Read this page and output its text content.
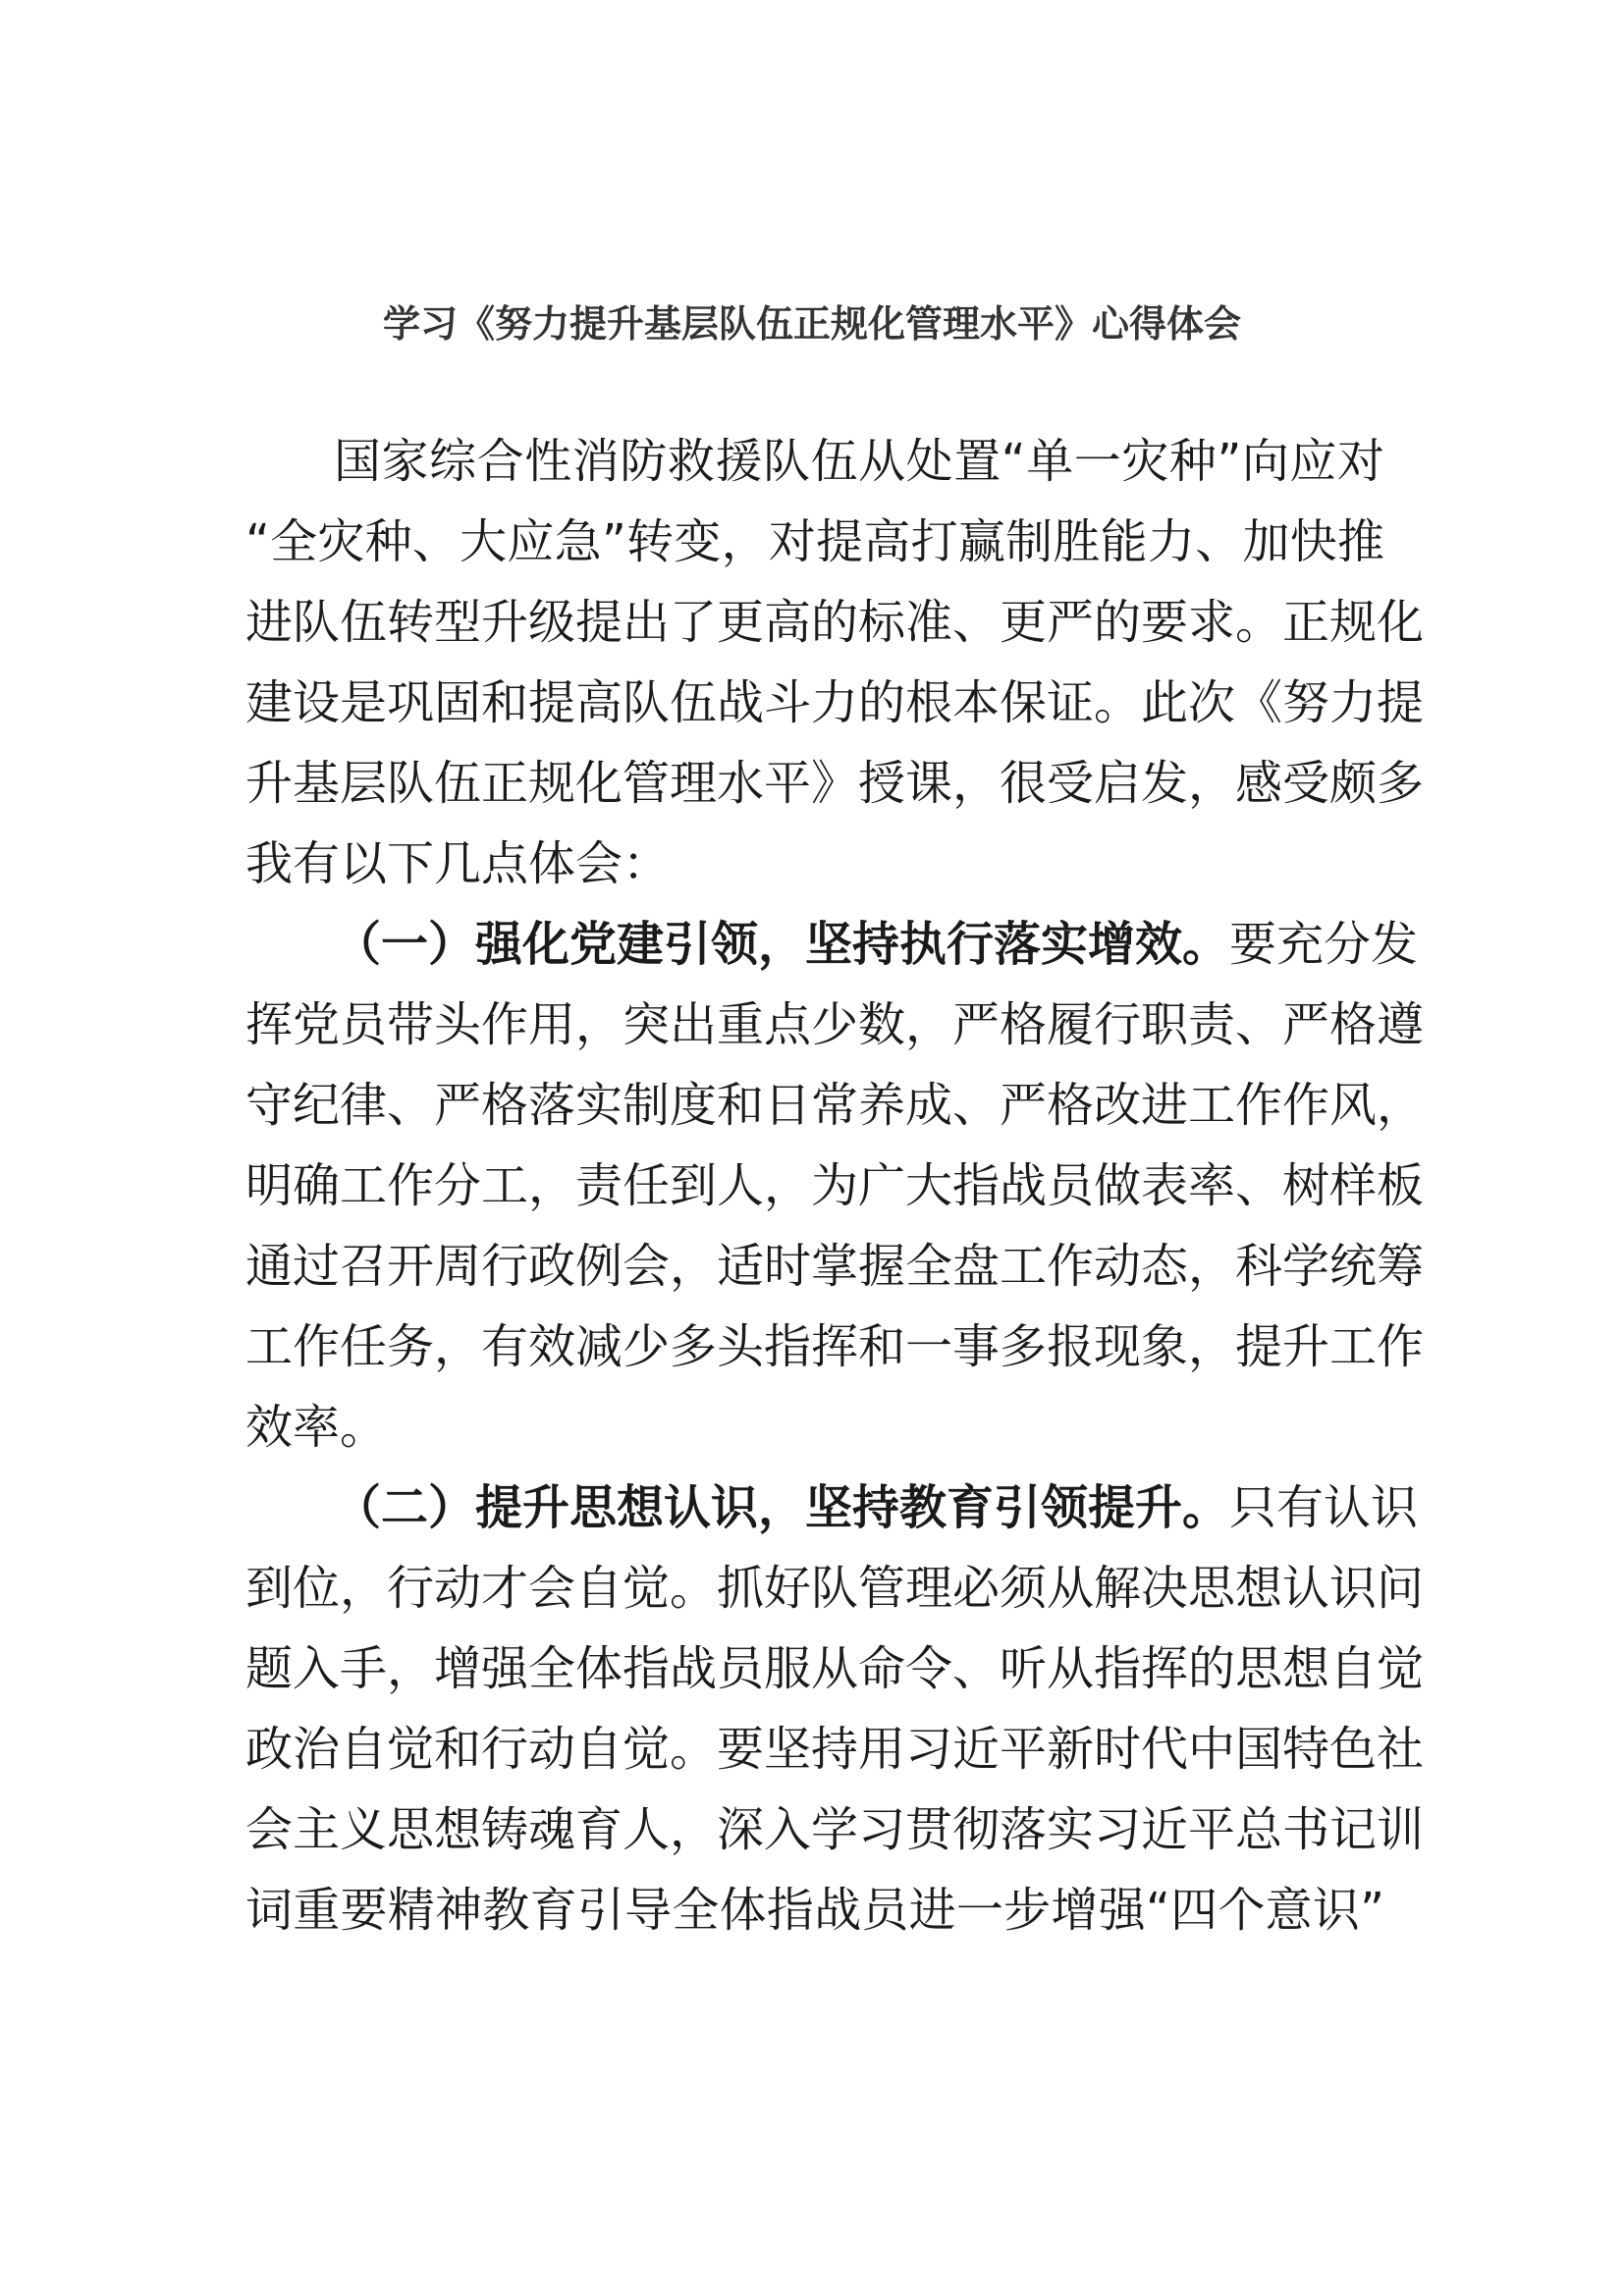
学习《努力提升基层队伍正规化管理水平》心得体会

国家综合性消防救援队伍从处置“单一灾种”向应对

“全灾种、大应急”转变，对提高打赢制胜能力、加快推

进队伍转型升级提出了更高的标准、更严的要求。正规化

建设是巩固和提高队伍战斗力的根本保证。此次《努力提

升基层队伍正规化管理水平》授课，很受启发，感受颇多

我有以下几点体会：

（一）强化党建引领，坚持执行落实增效。要充分发

挥党员带头作用，突出重点少数，严格履行职责、严格遵

守纪律、严格落实制度和日常养成、严格改进工作作风，

明确工作分工，责任到人，为广大指战员做表率、树样板

通过召开周行政例会，适时掌握全盘工作动态，科学统筹

工作任务，有效减少多头指挥和一事多报现象，提升工作

效率。

（二）提升思想认识，坚持教育引领提升。只有认识

到位，行动才会自觉。抓好队管理必须从解决思想认识问

题入手，增强全体指战员服从命令、听从指挥的思想自觉

政治自觉和行动自觉。要坚持用习近平新时代中国特色社

会主义思想铸魂育人，深入学习贯彻落实习近平总书记训

词重要精神教育引导全体指战员进一步增强“四个意识”
